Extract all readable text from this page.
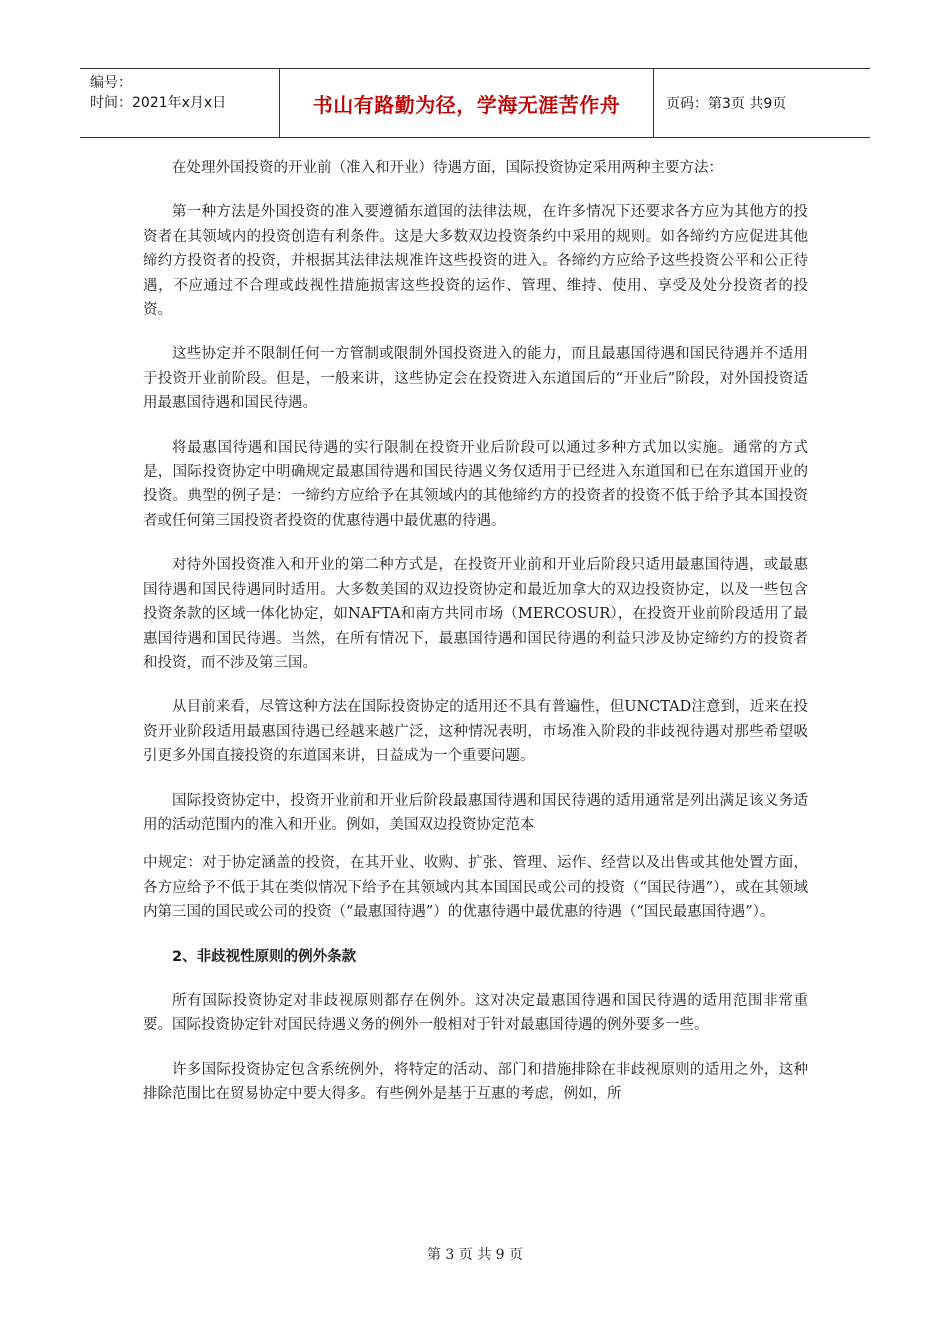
编号：
时间：2021年x月x日	书山有路勤为径，学海无涯苦作舟	页码：第3页 共9页

在处理外国投资的开业前（准入和开业）待遇方面，国际投资协定采用两种主要方法：

第一种方法是外国投资的准入要遵循东道国的法律法规，在许多情况下还要求各方应为其他方的投资者在其领域内的投资创造有利条件。这是大多数双边投资条约中采用的规则。如各缔约方应促进其他缔约方投资者的投资，并根据其法律法规准许这些投资的进入。各缔约方应给予这些投资公平和公正待遇，不应通过不合理或歧视性措施损害这些投资的运作、管理、维持、使用、享受及处分投资者的投资。

这些协定并不限制任何一方管制或限制外国投资进入的能力，而且最惠国待遇和国民待遇并不适用于投资开业前阶段。但是，一般来讲，这些协定会在投资进入东道国后的“开业后”阶段，对外国投资适用最惠国待遇和国民待遇。

将最惠国待遇和国民待遇的实行限制在投资开业后阶段可以通过多种方式加以实施。通常的方式是，国际投资协定中明确规定最惠国待遇和国民待遇义务仅适用于已经进入东道国和已在东道国开业的投资。典型的例子是：一缔约方应给予在其领域内的其他缔约方的投资者的投资不低于给予其本国投资者或任何第三国投资者投资的优惠待遇中最优惠的待遇。

对待外国投资准入和开业的第二种方式是，在投资开业前和开业后阶段只适用最惠国待遇，或最惠国待遇和国民待遇同时适用。大多数美国的双边投资协定和最近加拿大的双边投资协定，以及一些包含投资条款的区域一体化协定，如NAFTA和南方共同市场（MERCOSUR），在投资开业前阶段适用了最惠国待遇和国民待遇。当然，在所有情况下，最惠国待遇和国民待遇的利益只涉及协定缔约方的投资者和投资，而不涉及第三国。

从目前来看，尽管这种方法在国际投资协定的适用还不具有普遍性，但UNCTAD注意到，近来在投资开业阶段适用最惠国待遇已经越来越广泛，这种情况表明，市场准入阶段的非歧视待遇对那些希望吸引更多外国直接投资的东道国来讲，日益成为一个重要问题。

国际投资协定中，投资开业前和开业后阶段最惠国待遇和国民待遇的适用通常是列出满足该义务适用的活动范围内的准入和开业。例如，美国双边投资协定范本

中规定：对于协定涵盖的投资，在其开业、收购、扩张、管理、运作、经营以及出售或其他处置方面，各方应给予不低于其在类似情况下给予在其领域内其本国国民或公司的投资（“国民待遇”），或在其领域内第三国的国民或公司的投资（“最惠国待遇”）的优惠待遇中最优惠的待遇（“国民最惠国待遇”）。

2、非歧视性原则的例外条款

所有国际投资协定对非歧视原则都存在例外。这对决定最惠国待遇和国民待遇的适用范围非常重要。国际投资协定针对国民待遇义务的例外一般相对于针对最惠国待遇的例外要多一些。

许多国际投资协定包含系统例外，将特定的活动、部门和措施排除在非歧视原则的适用之外，这种排除范围比在贸易协定中要大得多。有些例外是基于互惠的考虑，例如，所

第 3 页 共 9 页
